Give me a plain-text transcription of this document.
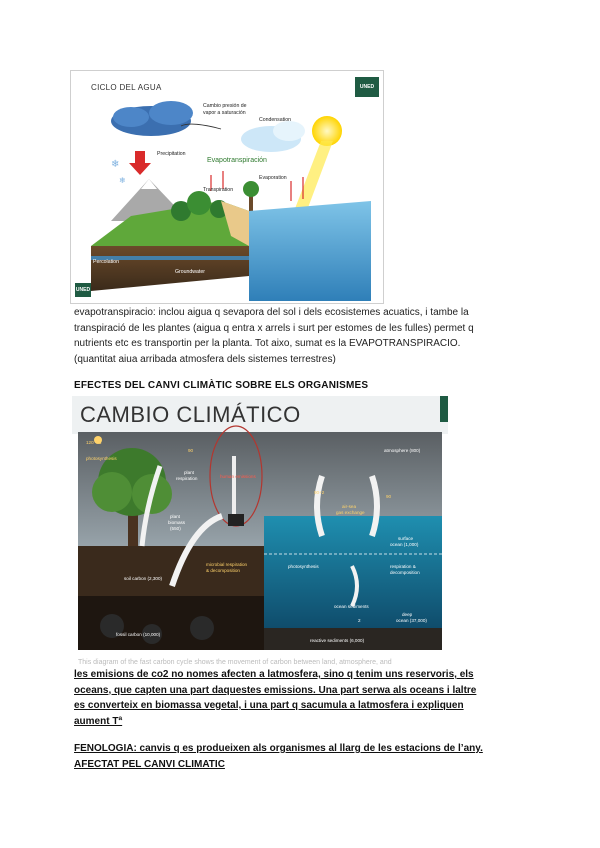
❄
❄
CICLO DEL AGUA	UNED
UNED
Cambio presión de
vapor a saturación
Condensation
Precipitation
Evapotranspiración
Evaporation
Transpiration
Percolation
Groundwater
evapotranspiracio: inclou aigua q sevapora del sol i dels ecosistemes acuatics, i tambe la
transpiració de les plantes (aigua q entra x arrels i surt per estomes de les fulles) permet q
nutrients etc es transportin per la planta. Tot aixo, sumat es la EVAPOTRANSPIRACIO.
(quantitat aiua arribada atmosfera dels sistemes terrestres)
EFECTES DEL CANVI CLIMÀTIC SOBRE ELS ORGANISMES
CAMBIO CLIMÁTICO
120 + 3
photosynthesis
90
plant
respiration	human emissions
plant
biomass
(550)
atmosphere (800)
90+2
air-sea
gas exchange
90
soil carbon (2,300)
microbial respiration
& decomposition
surface
ocean (1,000)
photosynthesis	respiration &
decomposition
ocean sediments
2
deep
ocean (37,000)
fossil carbon (10,000)
reactive sediments (6,000)
This diagram of the fast carbon cycle shows the movement of carbon between land, atmosphere, and
les emisions de co2 no nomes afecten a latmosfera, sino q tenim uns reservoris, els
oceans, que capten una part daquestes emissions. Una part serwa als oceans i laltre
es converteix en biomassa vegetal, i una part q sacumula a latmosfera i expliquen
aument Tª
FENOLOGIA: canvis q es produeixen als organismes al llarg de les estacions de l’any.
AFECTAT PEL CANVI CLIMATIC
